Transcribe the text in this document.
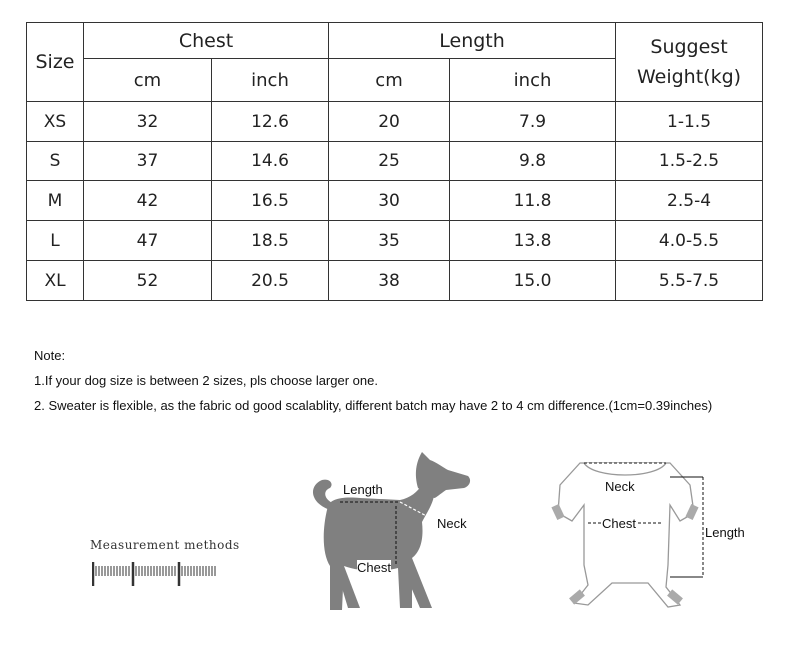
Size	Chest		Length		Suggest
Weight(kg)

	cm	inch	cm	inch	
XS	32	12.6	20	7.9	1-1.5
S	37	14.6	25	9.8	1.5-2.5
M	42	16.5	30	11.8	2.5-4
L	47	18.5	35	13.8	4.0-5.5
XL	52	20.5	38	15.0	5.5-7.5
Note:
1.If your dog size is between 2 sizes, pls choose larger one.
2. Sweater is flexible, as the fabric od good scalablity, different batch may have 2 to 4 cm difference.(1cm=0.39inches)
Measurement methods
Length
Neck
Chest
Neck
Chest
Length
